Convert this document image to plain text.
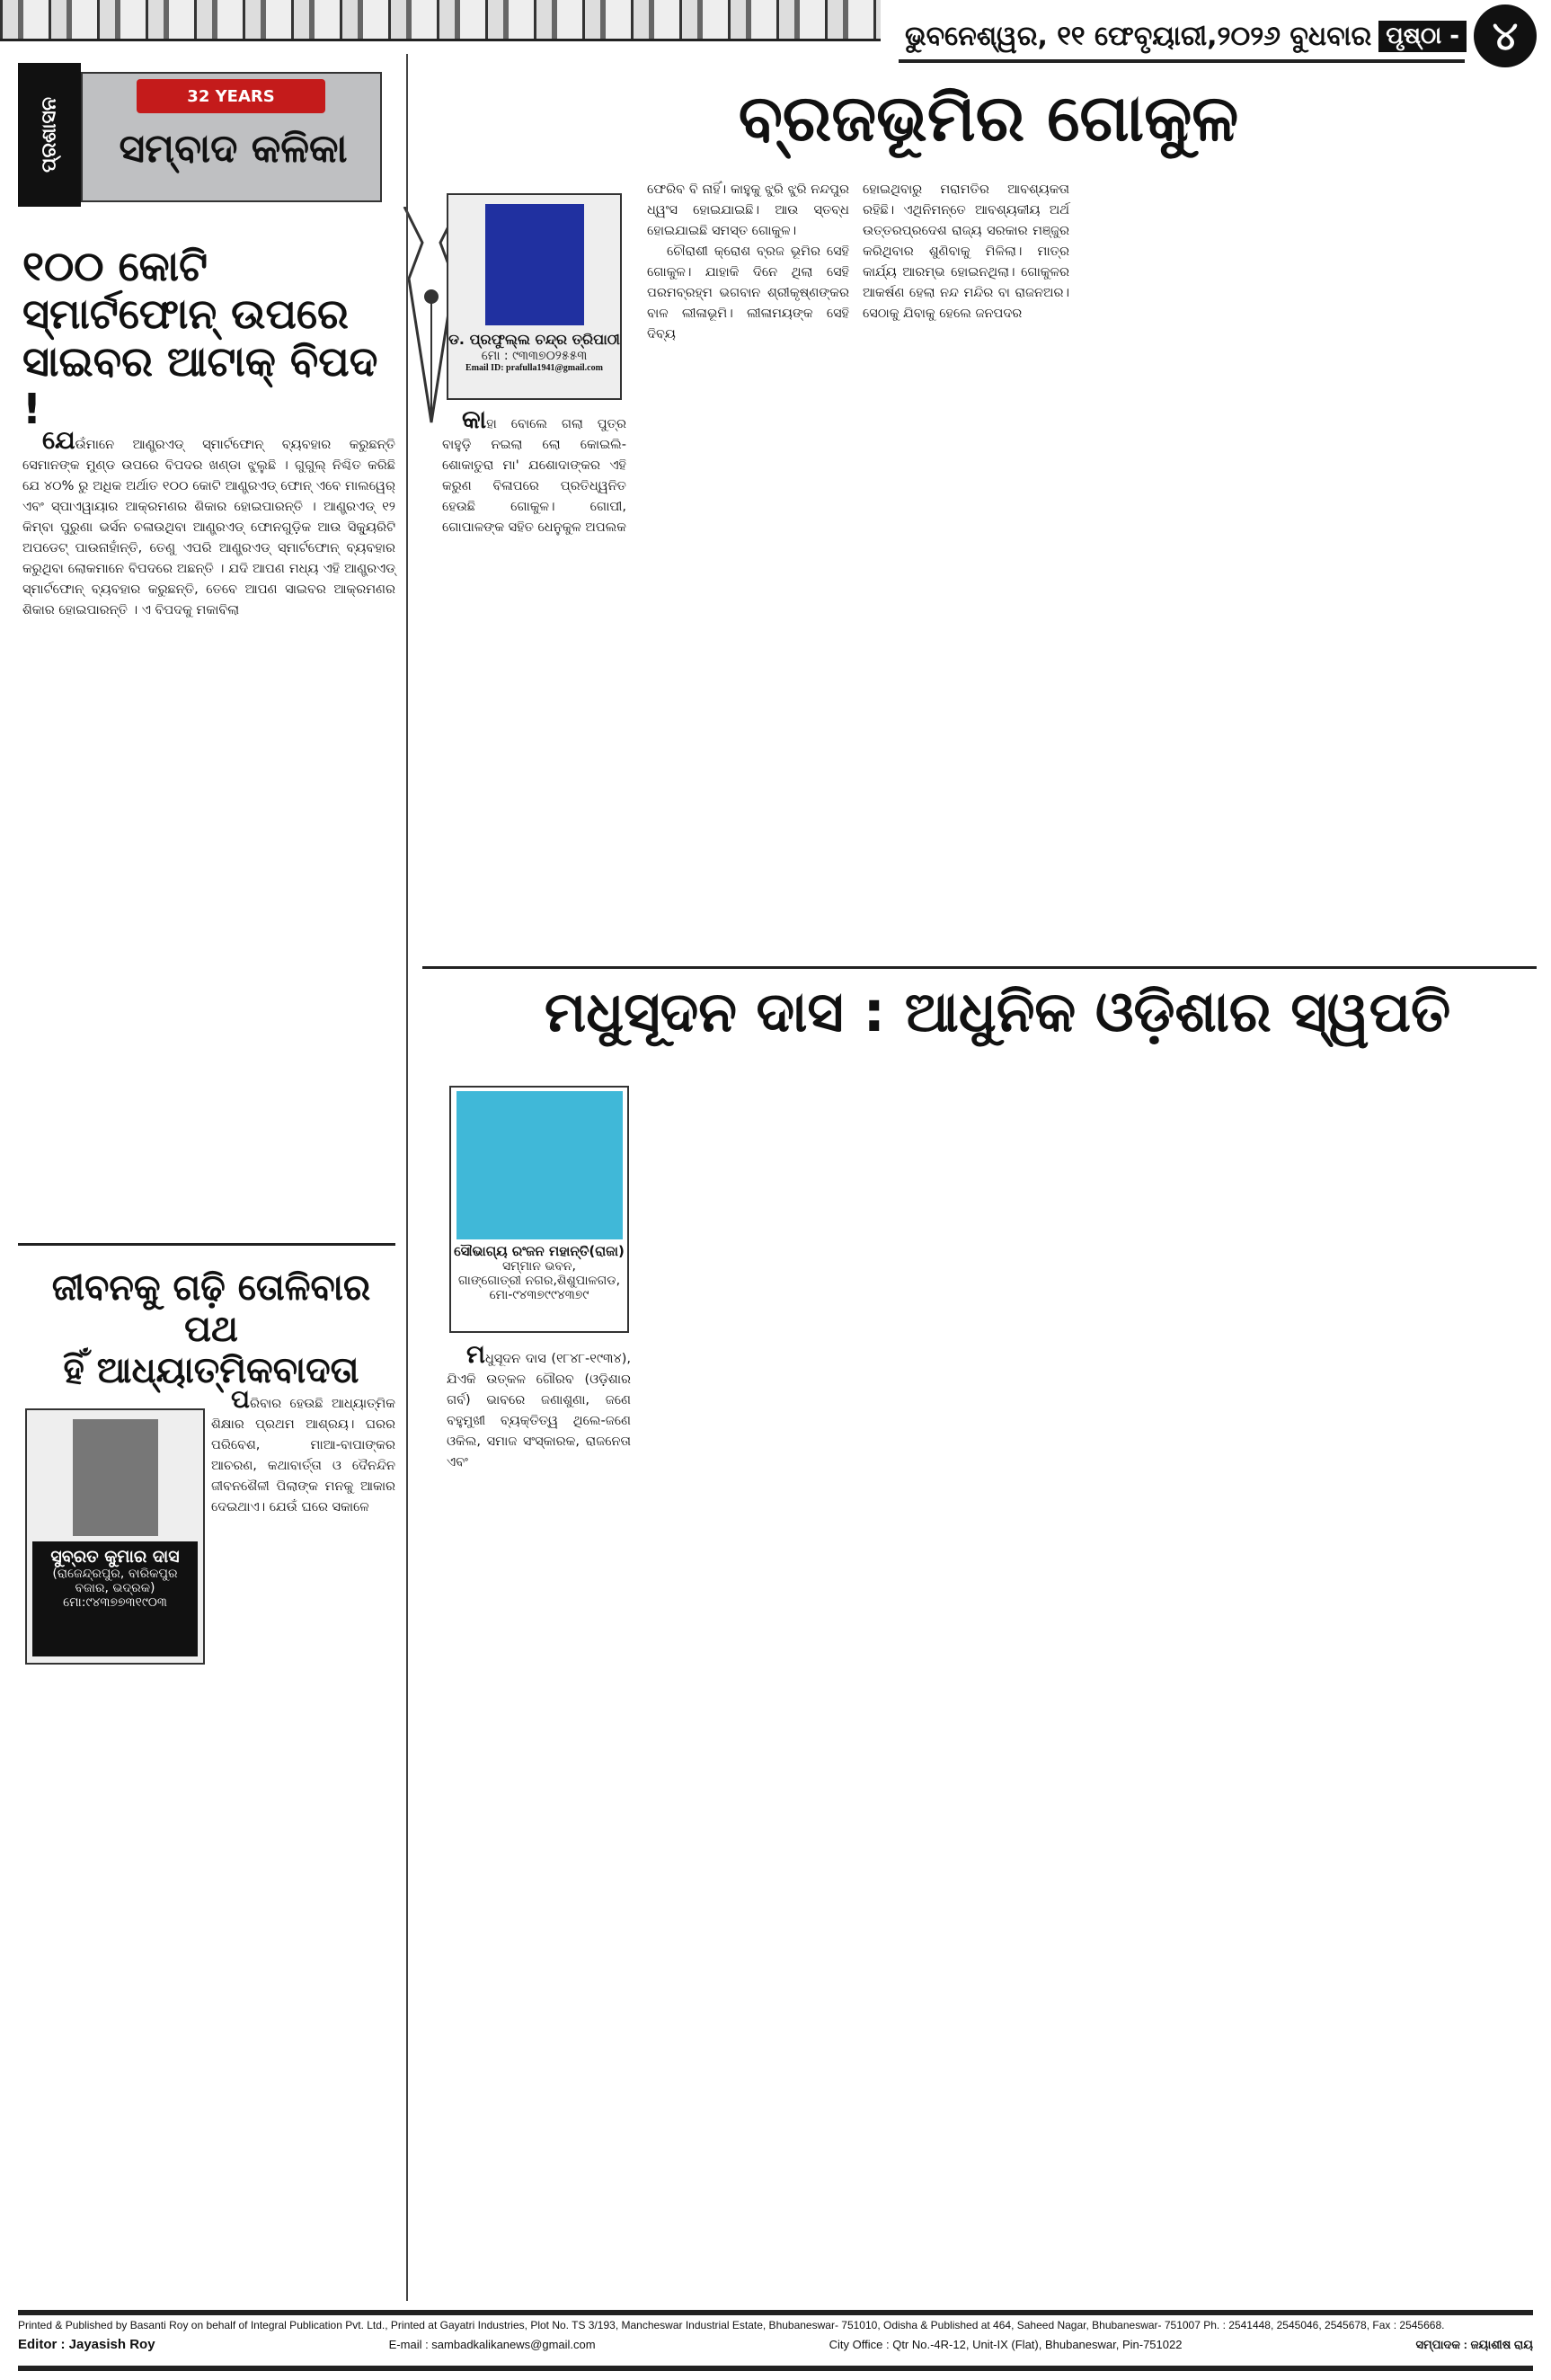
ଭୁବନେଶ୍ୱର, ୧୧ ଫେବୃୟାରୀ,୨୦୨୬ ବୁଧବାର ପୃଷ୍ଠା - ୪
ପ୍ରଶାସନ
32 YEARS
ସମ୍ବାଦ କଳିକା
୧୦୦ କୋଟି ସ୍ମାର୍ଟଫୋନ୍ ଉପରେ ସାଇବର ଆଟାକ୍ ବିପଦ !

ଯେଉଁମାନେ ଆଣ୍ଡ୍ରଏଡ୍ ସ୍ମାର୍ଟଫୋନ୍ ବ୍ୟବହାର କରୁଛନ୍ତି ସେମାନଙ୍କ ମୁଣ୍ଡ ଉପରେ ବିପଦର ଖଣ୍ଡା ଝୁଲୁଛି । ଗୁଗୁଲ୍ ନିଶ୍ଚିତ କରିଛି ଯେ ୪୦% ରୁ ଅଧିକ ଅର୍ଥାତ ୧୦୦ କୋଟି ଆଣ୍ଡ୍ରଏଡ୍ ଫୋନ୍ ଏବେ ମାଲୱେର୍ ଏବଂ ସ୍ପାଏୱାୟାର ଆକ୍ରମଣର ଶିକାର ହୋଇପାରନ୍ତି । ଆଣ୍ଡ୍ରଏଡ୍ ୧୨ କିମ୍ବା ପୁରୁଣା ଭର୍ସନ ଚଳାଉଥିବା ଆଣ୍ଡ୍ରଏଡ୍ ଫୋନଗୁଡ଼ିକ ଆଉ ସିକ୍ୟୁରିଟି ଅପଡେଟ୍ ପାଉନାହାଁନ୍ତି, ତେଣୁ ଏପରି ଆଣ୍ଡ୍ରଏଡ୍ ସ୍ମାର୍ଟଫୋନ୍ ବ୍ୟବହାର କରୁଥିବା ଲୋକମାନେ ବିପଦରେ ଅଛନ୍ତି । ଯଦି ଆପଣ ମଧ୍ୟ ଏହି ଆଣ୍ଡ୍ରଏଡ୍ ସ୍ମାର୍ଟଫୋନ୍ ବ୍ୟବହାର କରୁଛନ୍ତି, ତେବେ ଆପଣ ସାଇବର ଆକ୍ରମଣର ଶିକାର ହୋଇପାରନ୍ତି । ଏ ବିପଦକୁ ମକାବିଲା

ଜୀବନକୁ ଗଢ଼ି ତୋଳିବାର ପଥ
ହିଁ ଆଧ୍ୟାତ୍ମିକବାଦତା
ସୁବ୍ରତ କୁମାର ଦାସ
(ରାଜେନ୍ଦ୍ରପୁର, ବାରିକପୁର ବଜାର, ଭଦ୍ରକ)
ମୋ:୯୪୩୭୭୩୧୯୦୩

ପରିବାର ହେଉଛି ଆଧ୍ୟାତ୍ମିକ ଶିକ୍ଷାର ପ୍ରଥମ ଆଶ୍ରୟ। ଘରର ପରିବେଶ, ମାଆ-ବାପାଙ୍କର ଆଚରଣ, କଥାବାର୍ତ୍ତା ଓ ଦୈନନ୍ଦିନ ଜୀବନଶୈଳୀ ପିଲାଙ୍କ ମନକୁ ଆକାର ଦେଇଥାଏ। ଯେଉଁ ଘରେ ସକାଳେ

ବ୍ରଜଭୂମିର ଗୋକୁଳ
ଡ. ପ୍ରଫୁଲ୍ଲ ଚନ୍ଦ୍ର ତ୍ରିପାଠୀ
ମୋ : ୯୩୩୭୦୨୫୫୩
Email ID: prafulla1941@gmail.com

କାହା ବୋଲେ ଗଲା ପୁତ୍ର ବାହୁଡ଼ି ନଇଲା ଲୋ କୋଇଲି- ଶୋକାତୁରା ମା' ଯଶୋଦାଙ୍କର ଏହି କରୁଣ ବିଳାପରେ ପ୍ରତିଧ୍ୱନିତ ହେଉଛି ଗୋକୁଳ। ଗୋପୀ, ଗୋପାଳଙ୍କ ସହିତ ଧେନୁକୁଳ ଅପଲକ

ଫେରିବ ବି ନାହିଁ। କାହୁକୁ ଝୁରି ଝୁରି ନନ୍ଦପୁର ଧ୍ୱଂସ ହୋଇଯାଇଛି। ଆଉ ସ୍ତବ୍ଧ ହୋଇଯାଇଛି ସମସ୍ତ ଗୋକୁଳ।

ଚୌରାଶୀ କ୍ରୋଶ ବ୍ରଜ ଭୂମିର ସେହି ଗୋକୁଳ। ଯାହାକି ଦିନେ ଥିଲା ସେହି ପରମବ୍ରହ୍ମ ଭଗବାନ ଶ୍ରୀକୃଷ୍ଣଙ୍କର ବାଳ ଲୀଳାଭୂମି। ଲୀଳାମୟଙ୍କ ସେହି ଦିବ୍ୟ

ହୋଇଥିବାରୁ ମରାମତିର ଆବଶ୍ୟକତା ରହିଛି। ଏଥିନିମନ୍ତେ ଆବଶ୍ୟକୀୟ ଅର୍ଥ ଉତ୍ତରପ୍ରଦେଶ ରାଜ୍ୟ ସରକାର ମଞ୍ଜୁର କରିଥିବାର ଶୁଣିବାକୁ ମିଳିଲା। ମାତ୍ର କାର୍ଯ୍ୟ ଆରମ୍ଭ ହୋଇନଥିଲା। ଗୋକୁଳର ଆକର୍ଷଣ ହେଲା ନନ୍ଦ ମନ୍ଦିର ବା ରାଜନଅର। ସେଠାକୁ ଯିବାକୁ ହେଲେ ଜନପଦର

ମଧୁସୂଦନ ଦାସ : ଆଧୁନିକ ଓଡ଼ିଶାର ସ୍ୱପତି
ସୌଭାଗ୍ୟ ରଂଜନ ମହାନ୍ତି(ରାଜା)
ସମ୍ମାନ ଭବନ,
ଗାଙ୍ଗୋତ୍ରୀ ନଗର,ଶିଶୁପାଳଗଡ,
ମୋ-୯୪୩୭୯୯୪୩୭୯

ମଧୁସୂଦନ ଦାସ (୧୮୪୮-୧୯୩୪), ଯିଏକି ଉତ୍କଳ ଗୌରବ (ଓଡ଼ିଶାର ଗର୍ବ) ଭାବରେ ଜଣାଶୁଣା, ଜଣେ ବହୁମୁଖୀ ବ୍ୟକ୍ତିତ୍ୱ ଥିଲେ-ଜଣେ ଓକିଲ, ସମାଜ ସଂସ୍କାରକ, ରାଜନେତା ଏବଂ

Printed & Published by Basanti Roy on behalf of Integral Publication Pvt. Ltd., Printed at Gayatri Industries, Plot No. TS 3/193, Mancheswar Industrial Estate, Bhubaneswar- 751010, Odisha & Published at 464, Saheed Nagar, Bhubaneswar- 751007 Ph. : 2541448, 2545046, 2545678, Fax : 2545668.
Editor : Jayasish Roy	E-mail : sambadkalikanews@gmail.com	City Office : Qtr No.-4R-12, Unit-IX (Flat), Bhubaneswar, Pin-751022	ସମ୍ପାଦକ : ଜୟାଶୀଷ ରାୟ
